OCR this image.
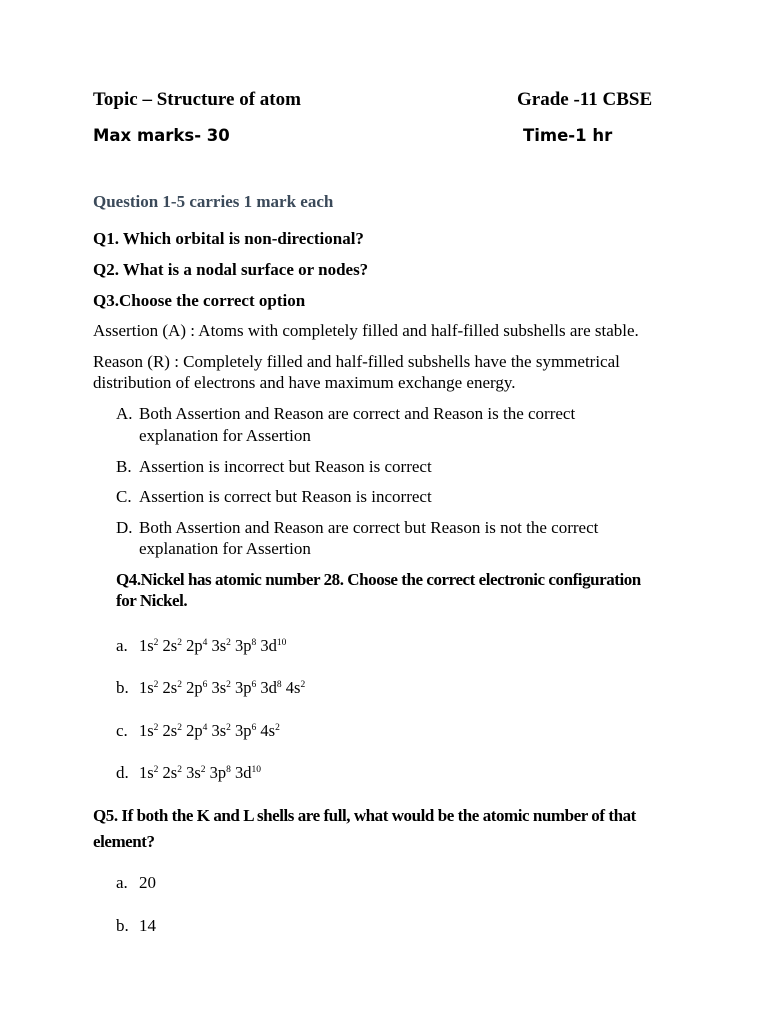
Topic – Structure of atom	Grade -11 CBSE
Max marks- 30	Time-1 hr
Question 1-5 carries 1 mark each
Q1. Which orbital is non-directional?
Q2. What is a nodal surface or nodes?
Q3.Choose the correct option
Assertion (A) : Atoms with completely filled and half-filled subshells are stable.
Reason (R) : Completely filled and half-filled subshells have the symmetrical
distribution of electrons and have maximum exchange energy.
A. Both Assertion and Reason are correct and Reason is the correct
explanation for Assertion
B. Assertion is incorrect but Reason is correct
C. Assertion is correct but Reason is incorrect
D. Both Assertion and Reason are correct but Reason is not the correct
explanation for Assertion
Q4.Nickel has atomic number 28. Choose the correct electronic configuration
for Nickel.
a. $1s^2$ $2s^2$ $2p^4$ $3s^2$ $3p^8$ $3d^{10}$
b. $1s^2$ $2s^2$ $2p^6$ $3s^2$ $3p^6$ $3d^8$ $4s^2$
c. $1s^2$ $2s^2$ $2p^4$ $3s^2$ $3p^6$ $4s^2$
d. $1s^2$ $2s^2$ $3s^2$ $3p^8$ $3d^{10}$
Q5. If both the K and L shells are full, what would be the atomic number of that
element?
a. 20
b. 14
